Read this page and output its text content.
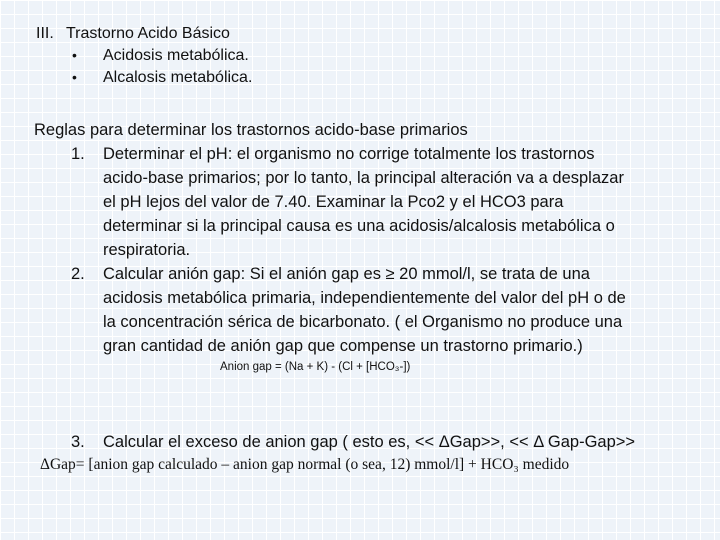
III. Trastorno Acido Básico
• Acidosis metabólica.
• Alcalosis metabólica.
Reglas para determinar los trastornos acido-base primarios
1. Determinar el pH: el organismo no corrige totalmente los trastornos
acido-base primarios; por lo tanto, la principal alteración va a desplazar
el pH lejos del valor de 7.40. Examinar la Pco2 y el HCO3 para
determinar si la principal causa es una acidosis/alcalosis metabólica o
respiratoria.
2. Calcular anión gap: Si el anión gap es ≥ 20 mmol/l, se trata de una
acidosis metabólica primaria, independientemente del valor del pH o de
la concentración sérica de bicarbonato. ( el Organismo no produce una
gran cantidad de anión gap que compense un trastorno primario.)
Anion gap = (Na + K) - (Cl + [HCO₃-])
3. Calcular el exceso de anion gap ( esto es, << ΔGap>>, << Δ Gap-Gap>>
ΔGap= [anion gap calculado – anion gap normal (o sea, 12) mmol/l] + HCO₃ medido
